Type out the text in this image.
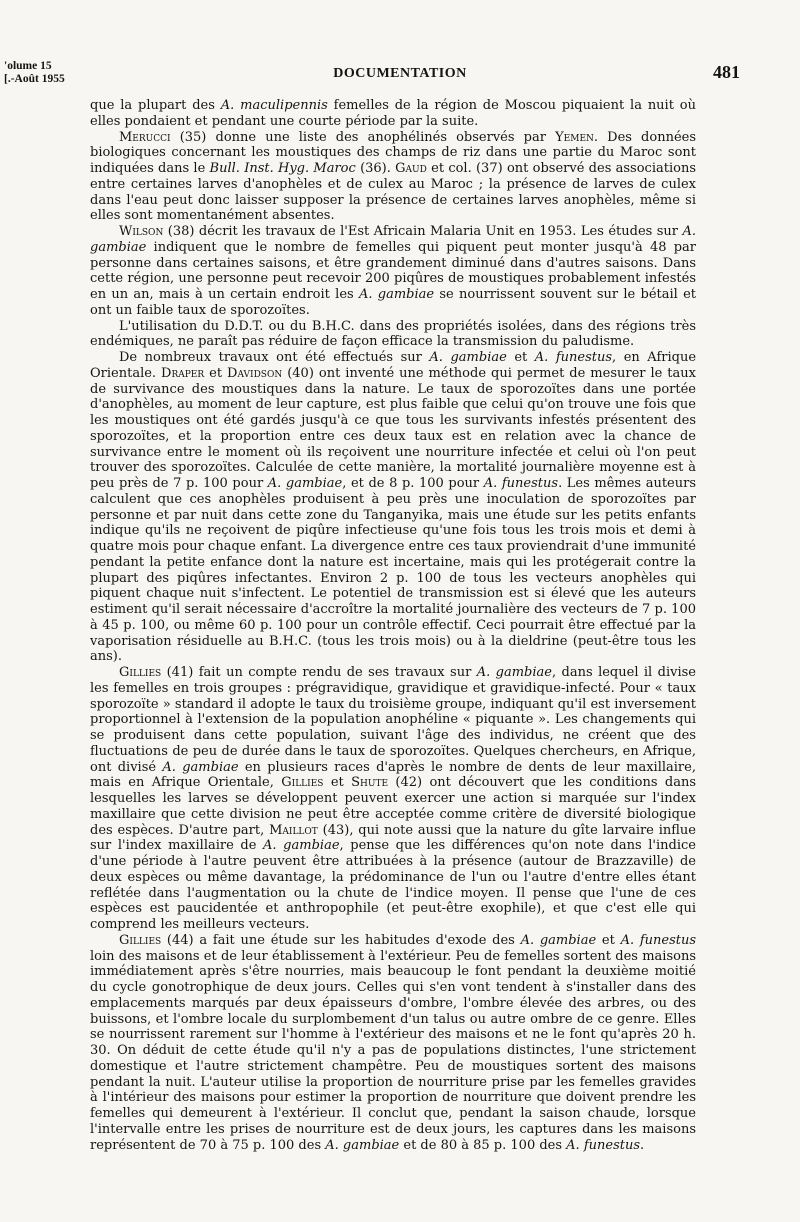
'olume 15
[.-Août 1955	DOCUMENTATION	481

que la plupart des A. maculipennis femelles de la région de Moscou piquaient la nuit où elles pondaient et pendant une courte période par la suite.

Merucci (35) donne une liste des anophélinés observés par Yemen. Des données biologiques concernant les moustiques des champs de riz dans une partie du Maroc sont indiquées dans le Bull. Inst. Hyg. Maroc (36). Gaud et col. (37) ont observé des associations entre certaines larves d'anophèles et de culex au Maroc ; la présence de larves de culex dans l'eau peut donc laisser supposer la présence de certaines larves anophèles, même si elles sont momentanément absentes.

Wilson (38) décrit les travaux de l'Est Africain Malaria Unit en 1953. Les études sur A. gambiae indiquent que le nombre de femelles qui piquent peut monter jusqu'à 48 par personne dans certaines saisons, et être grandement diminué dans d'autres saisons. Dans cette région, une personne peut recevoir 200 piqûres de moustiques probablement infestés en un an, mais à un certain endroit les A. gambiae se nourrissent souvent sur le bétail et ont un faible taux de sporozoïtes.

L'utilisation du D.D.T. ou du B.H.C. dans des propriétés isolées, dans des régions très endémiques, ne paraît pas réduire de façon efficace la transmission du paludisme.

De nombreux travaux ont été effectués sur A. gambiae et A. funestus, en Afrique Orientale. Draper et Davidson (40) ont inventé une méthode qui permet de mesurer le taux de survivance des moustiques dans la nature. Le taux de sporozoïtes dans une portée d'anophèles, au moment de leur capture, est plus faible que celui qu'on trouve une fois que les moustiques ont été gardés jusqu'à ce que tous les survivants infestés présentent des sporozoïtes, et la proportion entre ces deux taux est en relation avec la chance de survivance entre le moment où ils reçoivent une nourriture infectée et celui où l'on peut trouver des sporozoïtes. Calculée de cette manière, la mortalité journalière moyenne est à peu près de 7 p. 100 pour A. gambiae, et de 8 p. 100 pour A. funestus. Les mêmes auteurs calculent que ces anophèles produisent à peu près une inoculation de sporozoïtes par personne et par nuit dans cette zone du Tanganyika, mais une étude sur les petits enfants indique qu'ils ne reçoivent de piqûre infectieuse qu'une fois tous les trois mois et demi à quatre mois pour chaque enfant. La divergence entre ces taux proviendrait d'une immunité pendant la petite enfance dont la nature est incertaine, mais qui les protégerait contre la plupart des piqûres infectantes. Environ 2 p. 100 de tous les vecteurs anophèles qui piquent chaque nuit s'infectent. Le potentiel de transmission est si élevé que les auteurs estiment qu'il serait nécessaire d'accroître la mortalité journalière des vecteurs de 7 p. 100 à 45 p. 100, ou même 60 p. 100 pour un contrôle effectif. Ceci pourrait être effectué par la vaporisation résiduelle au B.H.C. (tous les trois mois) ou à la dieldrine (peut-être tous les ans).

Gillies (41) fait un compte rendu de ses travaux sur A. gambiae, dans lequel il divise les femelles en trois groupes : prégravidique, gravidique et gravidique-infecté. Pour « taux sporozoïte » standard il adopte le taux du troisième groupe, indiquant qu'il est inversement proportionnel à l'extension de la population anophéline « piquante ». Les changements qui se produisent dans cette population, suivant l'âge des individus, ne créent que des fluctuations de peu de durée dans le taux de sporozoïtes. Quelques chercheurs, en Afrique, ont divisé A. gambiae en plusieurs races d'après le nombre de dents de leur maxillaire, mais en Afrique Orientale, Gillies et Shute (42) ont découvert que les conditions dans lesquelles les larves se développent peuvent exercer une action si marquée sur l'index maxillaire que cette division ne peut être acceptée comme critère de diversité biologique des espèces. D'autre part, Maillot (43), qui note aussi que la nature du gîte larvaire influe sur l'index maxillaire de A. gambiae, pense que les différences qu'on note dans l'indice d'une période à l'autre peuvent être attribuées à la présence (autour de Brazzaville) de deux espèces ou même davantage, la prédominance de l'un ou l'autre d'entre elles étant reflétée dans l'augmentation ou la chute de l'indice moyen. Il pense que l'une de ces espèces est paucidentée et anthropophile (et peut-être exophile), et que c'est elle qui comprend les meilleurs vecteurs.

Gillies (44) a fait une étude sur les habitudes d'exode des A. gambiae et A. funestus loin des maisons et de leur établissement à l'extérieur. Peu de femelles sortent des maisons immédiatement après s'être nourries, mais beaucoup le font pendant la deuxième moitié du cycle gonotrophique de deux jours. Celles qui s'en vont tendent à s'installer dans des emplacements marqués par deux épaisseurs d'ombre, l'ombre élevée des arbres, ou des buissons, et l'ombre locale du surplombement d'un talus ou autre ombre de ce genre. Elles se nourrissent rarement sur l'homme à l'extérieur des maisons et ne le font qu'après 20 h. 30. On déduit de cette étude qu'il n'y a pas de populations distinctes, l'une strictement domestique et l'autre strictement champêtre. Peu de moustiques sortent des maisons pendant la nuit. L'auteur utilise la proportion de nourriture prise par les femelles gravides à l'intérieur des maisons pour estimer la proportion de nourriture que doivent prendre les femelles qui demeurent à l'extérieur. Il conclut que, pendant la saison chaude, lorsque l'intervalle entre les prises de nourriture est de deux jours, les captures dans les maisons représentent de 70 à 75 p. 100 des A. gambiae et de 80 à 85 p. 100 des A. funestus.
